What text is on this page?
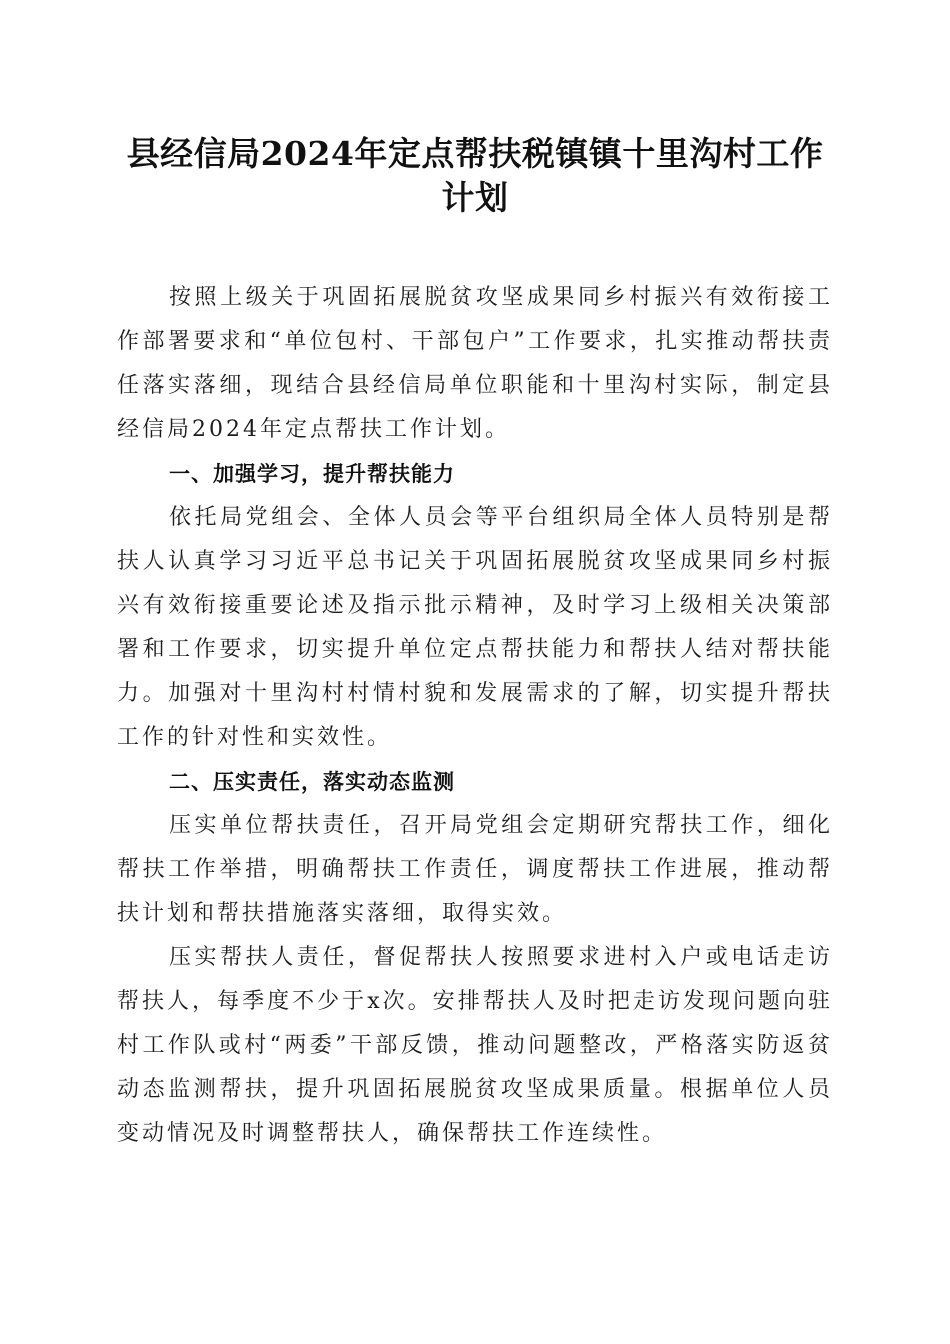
县经信局2024年定点帮扶税镇镇十里沟村工作计划

按照上级关于巩固拓展脱贫攻坚成果同乡村振兴有效衔接工作部署要求和“单位包村、干部包户”工作要求，扎实推动帮扶责任落实落细，现结合县经信局单位职能和十里沟村实际，制定县经信局2024年定点帮扶工作计划。

一、加强学习，提升帮扶能力

依托局党组会、全体人员会等平台组织局全体人员特别是帮扶人认真学习习近平总书记关于巩固拓展脱贫攻坚成果同乡村振兴有效衔接重要论述及指示批示精神，及时学习上级相关决策部署和工作要求，切实提升单位定点帮扶能力和帮扶人结对帮扶能力。加强对十里沟村村情村貌和发展需求的了解，切实提升帮扶工作的针对性和实效性。

二、压实责任，落实动态监测

压实单位帮扶责任，召开局党组会定期研究帮扶工作，细化帮扶工作举措，明确帮扶工作责任，调度帮扶工作进展，推动帮扶计划和帮扶措施落实落细，取得实效。

压实帮扶人责任，督促帮扶人按照要求进村入户或电话走访帮扶人，每季度不少于x次。安排帮扶人及时把走访发现问题向驻村工作队或村“两委”干部反馈，推动问题整改，严格落实防返贫动态监测帮扶，提升巩固拓展脱贫攻坚成果质量。根据单位人员变动情况及时调整帮扶人，确保帮扶工作连续性。
